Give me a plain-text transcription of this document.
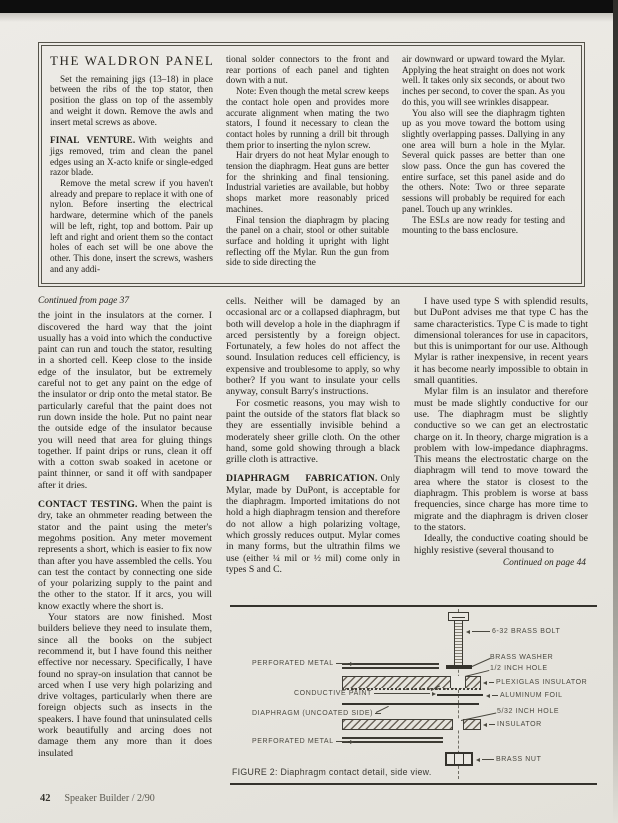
THE WALDRON PANEL

Set the remaining jigs (13–18) in place between the ribs of the top stator, then position the glass on top of the assembly and weight it down. Remove the awls and insert metal screws as above.

FINAL VENTURE. With weights and jigs removed, trim and clean the panel edges using an X-acto knife or single-edged razor blade.

Remove the metal screw if you haven't already and prepare to replace it with one of nylon. Before inserting the electrical hardware, determine which of the panels will be left, right, top and bottom. Pair up left and right and orient them so the contact holes of each set will be one above the other. This done, insert the screws, washers and any addi-

tional solder connectors to the front and rear portions of each panel and tighten down with a nut.

Note: Even though the metal screw keeps the contact hole open and provides more accurate alignment when mating the two stators, I found it necessary to clean the contact holes by running a drill bit through them prior to inserting the nylon screw.

Hair dryers do not heat Mylar enough to tension the diaphragm. Heat guns are better for the shrinking and final tensioning. Industrial varieties are available, but hobby shops market more reasonably priced machines.

Final tension the diaphragm by placing the panel on a chair, stool or other suitable surface and holding it upright with light reflecting off the Mylar. Run the gun from side to side directing the

air downward or upward toward the Mylar. Applying the heat straight on does not work well. It takes only six seconds, or about two inches per second, to cover the span. As you do this, you will see wrinkles disappear.

You also will see the diaphragm tighten up as you move toward the bottom using slightly overlapping passes. Dallying in any one area will burn a hole in the Mylar. Several quick passes are better than one slow pass. Once the gun has covered the entire surface, set this panel aside and do the others. Note: Two or three separate sessions will probably be required for each panel. Touch up any wrinkles.

The ESLs are now ready for testing and mounting to the bass enclosure.

Continued from page 37

the joint in the insulators at the corner. I discovered the hard way that the joint usually has a void into which the conductive paint can run and touch the stator, resulting in a shorted cell. Keep close to the inside edge of the insulator, but be extremely careful not to get any paint on the edge of the insulator or drip onto the metal stator. Be particularly careful that the paint does not run down inside the hole. Put no paint near the outside edge of the insulator because you will need that area for gluing things together. If paint drips or runs, clean it off with a cotton swab soaked in acetone or paint thinner, or sand it off with sandpaper after it dries.

CONTACT TESTING. When the paint is dry, take an ohmmeter reading between the stator and the paint using the meter's megohms position. Any meter movement represents a short, which is easier to fix now than after you have assembled the cells. You can test the contact by connecting one side of your polarizing supply to the paint and the other to the stator. If it arcs, you will know exactly where the short is.

Your stators are now finished. Most builders believe they need to insulate them, since all the books on the subject recommend it, but I have found this neither effective nor necessary. Specifically, I have found no spray-on insulation that cannot be arced when I use very high polarizing and drive voltages, particularly when there are foreign objects such as insects in the speakers. I have found that uninsulated cells work beautifully and arcing does not damage them any more than it does insulated

cells. Neither will be damaged by an occasional arc or a collapsed diaphragm, but both will develop a hole in the diaphragm if arced persistently by a foreign object. Fortunately, a few holes do not affect the sound. Insulation reduces cell efficiency, is expensive and troublesome to apply, so why bother? If you want to insulate your cells anyway, consult Barry's instructions.

For cosmetic reasons, you may wish to paint the outside of the stators flat black so they are essentially invisible behind a moderately sheer grille cloth. On the other hand, some gold showing through a black grille cloth is attractive.

DIAPHRAGM FABRICATION. Only Mylar, made by DuPont, is acceptable for the diaphragm. Imported imitations do not hold a high diaphragm tension and therefore do not allow a high polarizing voltage, which grossly reduces output. Mylar comes in many forms, but the ultrathin films we use (either ¼ mil or ½ mil) come only in types S and C.

I have used type S with splendid results, but DuPont advises me that type C has the same characteristics. Type C is made to tight dimensional tolerances for use in capacitors, but this is unimportant for our use. Although Mylar is rather inexpensive, in recent years it has become nearly impossible to obtain in small quantities.

Mylar film is an insulator and therefore must be made slightly conductive for our use. The diaphragm must be slightly conductive so we can get an electrostatic charge on it. In theory, charge migration is a problem with low-impedance diaphragms. This means the electrostatic charge on the diaphragm will tend to move toward the area where the stator is closest to the diaphragm. This problem is worse at bass frequencies, since charge has more time to migrate and the diaphragm is driven closer to the stators.

Ideally, the conductive coating should be highly resistive (several thousand to

Continued on page 44

PERFORATED METAL
CONDUCTIVE PAINT
DIAPHRAGM (UNCOATED SIDE)
PERFORATED METAL
6-32 BRASS BOLT
BRASS WASHER
1/2 INCH HOLE
PLEXIGLAS INSULATOR
ALUMINUM FOIL
5/32 INCH HOLE
INSULATOR
BRASS NUT
FIGURE 2: Diaphragm contact detail, side view.
42 Speaker Builder / 2/90
